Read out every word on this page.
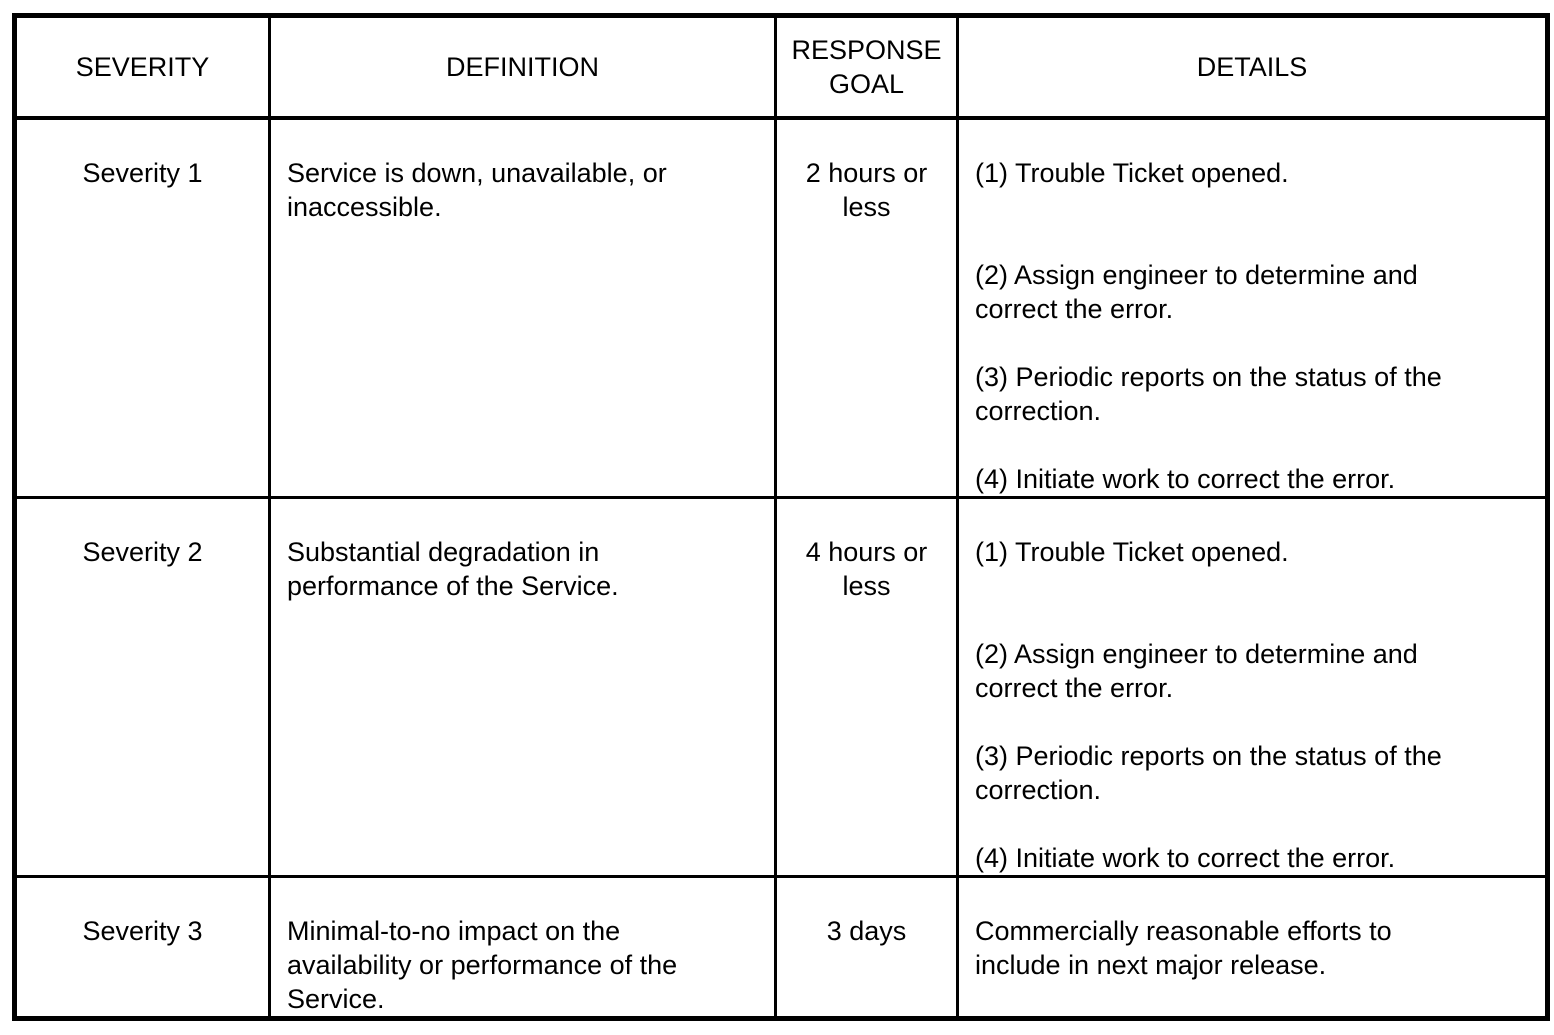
SEVERITY	DEFINITION	RESPONSE GOAL	DETAILS
Severity 1	Service is down, unavailable, or inaccessible.	2 hours or less	(1) Trouble Ticket opened.

(2) Assign engineer to determine and correct the error.

(3) Periodic reports on the status of the correction.

(4) Initiate work to correct the error.

Severity 2	Substantial degradation in performance of the Service.	4 hours or less	(1) Trouble Ticket opened.

(2) Assign engineer to determine and correct the error.

(3) Periodic reports on the status of the correction.

(4) Initiate work to correct the error.

Severity 3	Minimal-to-no impact on the availability or performance of the Service.	3 days	Commercially reasonable efforts to include in next major release.
